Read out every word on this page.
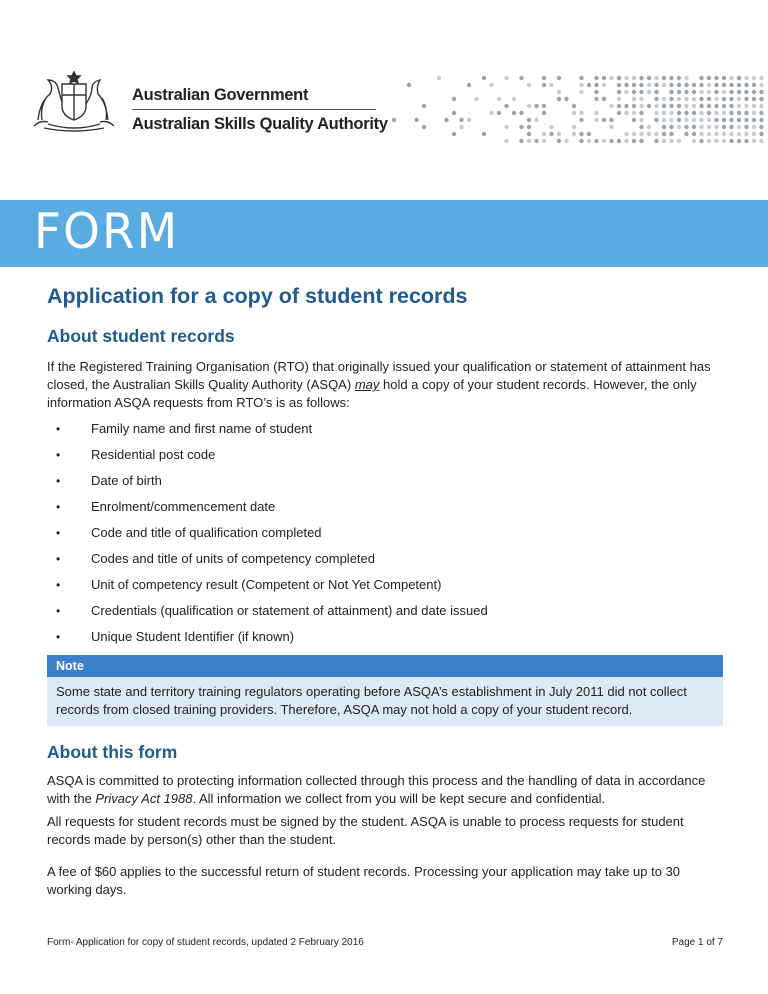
Australian Government
Australian Skills Quality Authority
FORM
Application for a copy of student records
About student records

If the Registered Training Organisation (RTO) that originally issued your qualification or statement of attainment has closed, the Australian Skills Quality Authority (ASQA) may hold a copy of your student records. However, the only information ASQA requests from RTO’s is as follows:

• Family name and first name of student
• Residential post code
• Date of birth
• Enrolment/commencement date
• Code and title of qualification completed
• Codes and title of units of competency completed
• Unit of competency result (Competent or Not Yet Competent)
• Credentials (qualification or statement of attainment) and date issued
• Unique Student Identifier (if known)
Note
Some state and territory training regulators operating before ASQA’s establishment in July 2011 did not collect records from closed training providers. Therefore, ASQA may not hold a copy of your student record.
About this form

ASQA is committed to protecting information collected through this process and the handling of data in accordance with the Privacy Act 1988. All information we collect from you will be kept secure and confidential.

All requests for student records must be signed by the student. ASQA is unable to process requests for student records made by person(s) other than the student.

A fee of $60 applies to the successful return of student records. Processing your application may take up to 30 working days.

Form- Application for copy of student records, updated 2 February 2016	Page 1 of 7
